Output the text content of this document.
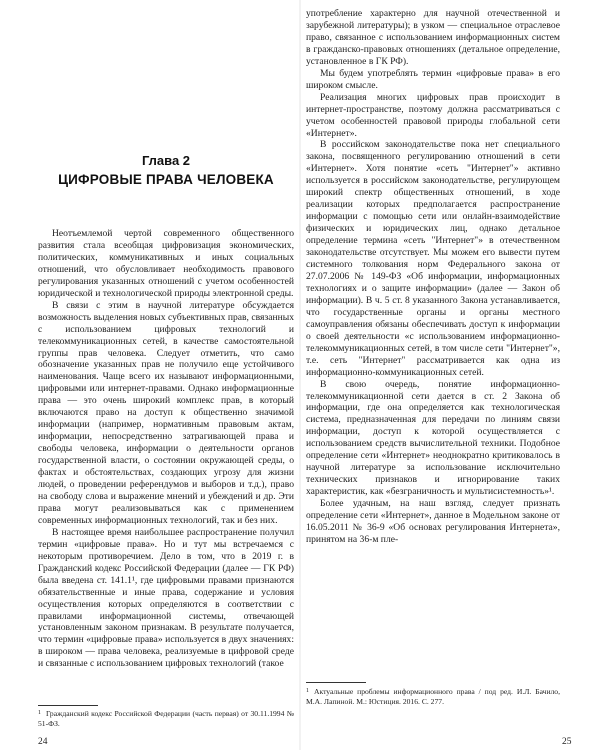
Глава 2
ЦИФРОВЫЕ ПРАВА ЧЕЛОВЕКА

Неотъемлемой чертой современного общественного развития стала всеобщая цифровизация экономических, политических, коммуникативных и иных социальных отношений, что обусловливает необходимость правового регулирования указанных отношений с учетом особенностей юридической и технологической природы электронной среды.

В связи с этим в научной литературе обсуждается возможность выделения новых субъективных прав, связанных с использованием цифровых технологий и телекоммуникационных сетей, в качестве самостоятельной группы прав человека. Следует отметить, что само обозначение указанных прав не получило еще устойчивого наименования. Чаще всего их называют информационными, цифровыми или интернет-правами. Однако информационные права — это очень широкий комплекс прав, в который включаются право на доступ к общественно значимой информации (например, нормативным правовым актам, информации, непосредственно затрагивающей права и свободы человека, информации о деятельности органов государственной власти, о состоянии окружающей среды, о фактах и обстоятельствах, создающих угрозу для жизни людей, о проведении референдумов и выборов и т.д.), право на свободу слова и выражение мнений и убеждений и др. Эти права могут реализовываться как с применением современных информационных технологий, так и без них.

В настоящее время наибольшее распространение получил термин «цифровые права». Но и тут мы встречаемся с некоторым противоречием. Дело в том, что в 2019 г. в Гражданский кодекс Российской Федерации (далее — ГК РФ) была введена ст. 141.1¹, где цифровыми правами признаются обязательственные и иные права, содержание и условия осуществления которых определяются в соответствии с правилами информационной системы, отвечающей установленным законом признакам. В результате получается, что термин «цифровые права» используется в двух значениях: в широком — права человека, реализуемые в цифровой среде и связанные с использованием цифровых технологий (такое

$^1$ Гражданский кодекс Российской Федерации (часть первая) от 30.11.1994 № 51-ФЗ.
24

употребление характерно для научной отечественной и зарубежной литературы); в узком — специальное отраслевое право, связанное с использованием информационных систем в гражданско-правовых отношениях (детальное определение, установленное в ГК РФ).

Мы будем употреблять термин «цифровые права» в его широком смысле.

Реализация многих цифровых прав происходит в интернет-пространстве, поэтому должна рассматриваться с учетом особенностей правовой природы глобальной сети «Интернет».

В российском законодательстве пока нет специального закона, посвященного регулированию отношений в сети «Интернет». Хотя понятие «сеть "Интернет"» активно используется в российском законодательстве, регулирующем широкий спектр общественных отношений, в ходе реализации которых предполагается распространение информации с помощью сети или онлайн-взаимодействие физических и юридических лиц, однако детальное определение термина «сеть "Интернет"» в отечественном законодательстве отсутствует. Мы можем его вывести путем системного толкования норм Федерального закона от 27.07.2006 № 149-ФЗ «Об информации, информационных технологиях и о защите информации» (далее — Закон об информации). В ч. 5 ст. 8 указанного Закона устанавливается, что государственные органы и органы местного самоуправления обязаны обеспечивать доступ к информации о своей деятельности «с использованием информационно-телекоммуникационных сетей, в том числе сети "Интернет"», т.е. сеть "Интернет" рассматривается как одна из информационно-коммуникационных сетей.

В свою очередь, понятие информационно-телекоммуникационной сети дается в ст. 2 Закона об информации, где она определяется как технологическая система, предназначенная для передачи по линиям связи информации, доступ к которой осуществляется с использованием средств вычислительной техники. Подобное определение сети «Интернет» неоднократно критиковалось в научной литературе за использование исключительно технических признаков и игнорирование таких характеристик, как «безграничность и мультисистемность»¹.

Более удачным, на наш взгляд, следует признать определение сети «Интернет», данное в Модельном законе от 16.05.2011 № 36-9 «Об основах регулирования Интернета», принятом на 36-м пле-

$^1$ Актуальные проблемы информационного права / под ред. И.Л. Бачило, М.А. Лапиной. М.: Юстиция. 2016. С. 277.
25
